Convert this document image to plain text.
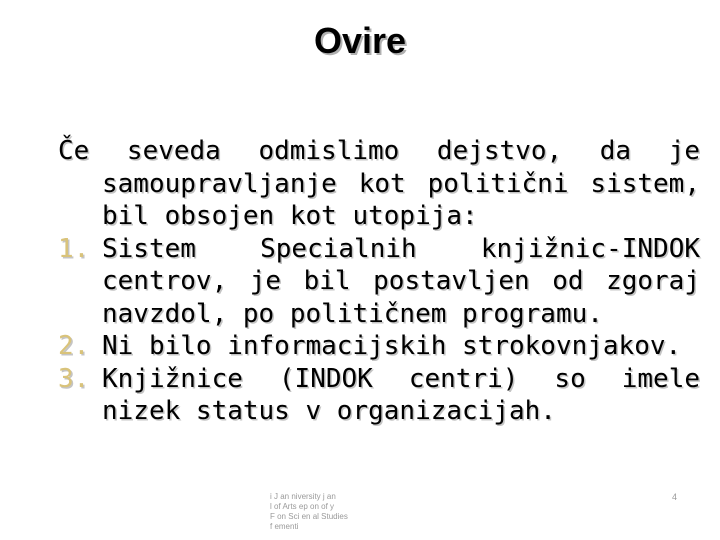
Ovire

Če seveda odmislimo dejstvo, da je samoupravljanje kot politični sistem, bil obsojen kot utopija:

1. Sistem Specialnih knjižnic-INDOK centrov, je bil postavljen od zgoraj navzdol, po političnem programu.
2. Ni bilo informacijskih strokovnjakov.
3. Knjižnice (INDOK centri) so imele nizek status v organizacijah.
i J an niversity j an
l of Arts ep on of y
F on Sci en al Studies
f ementi
4
